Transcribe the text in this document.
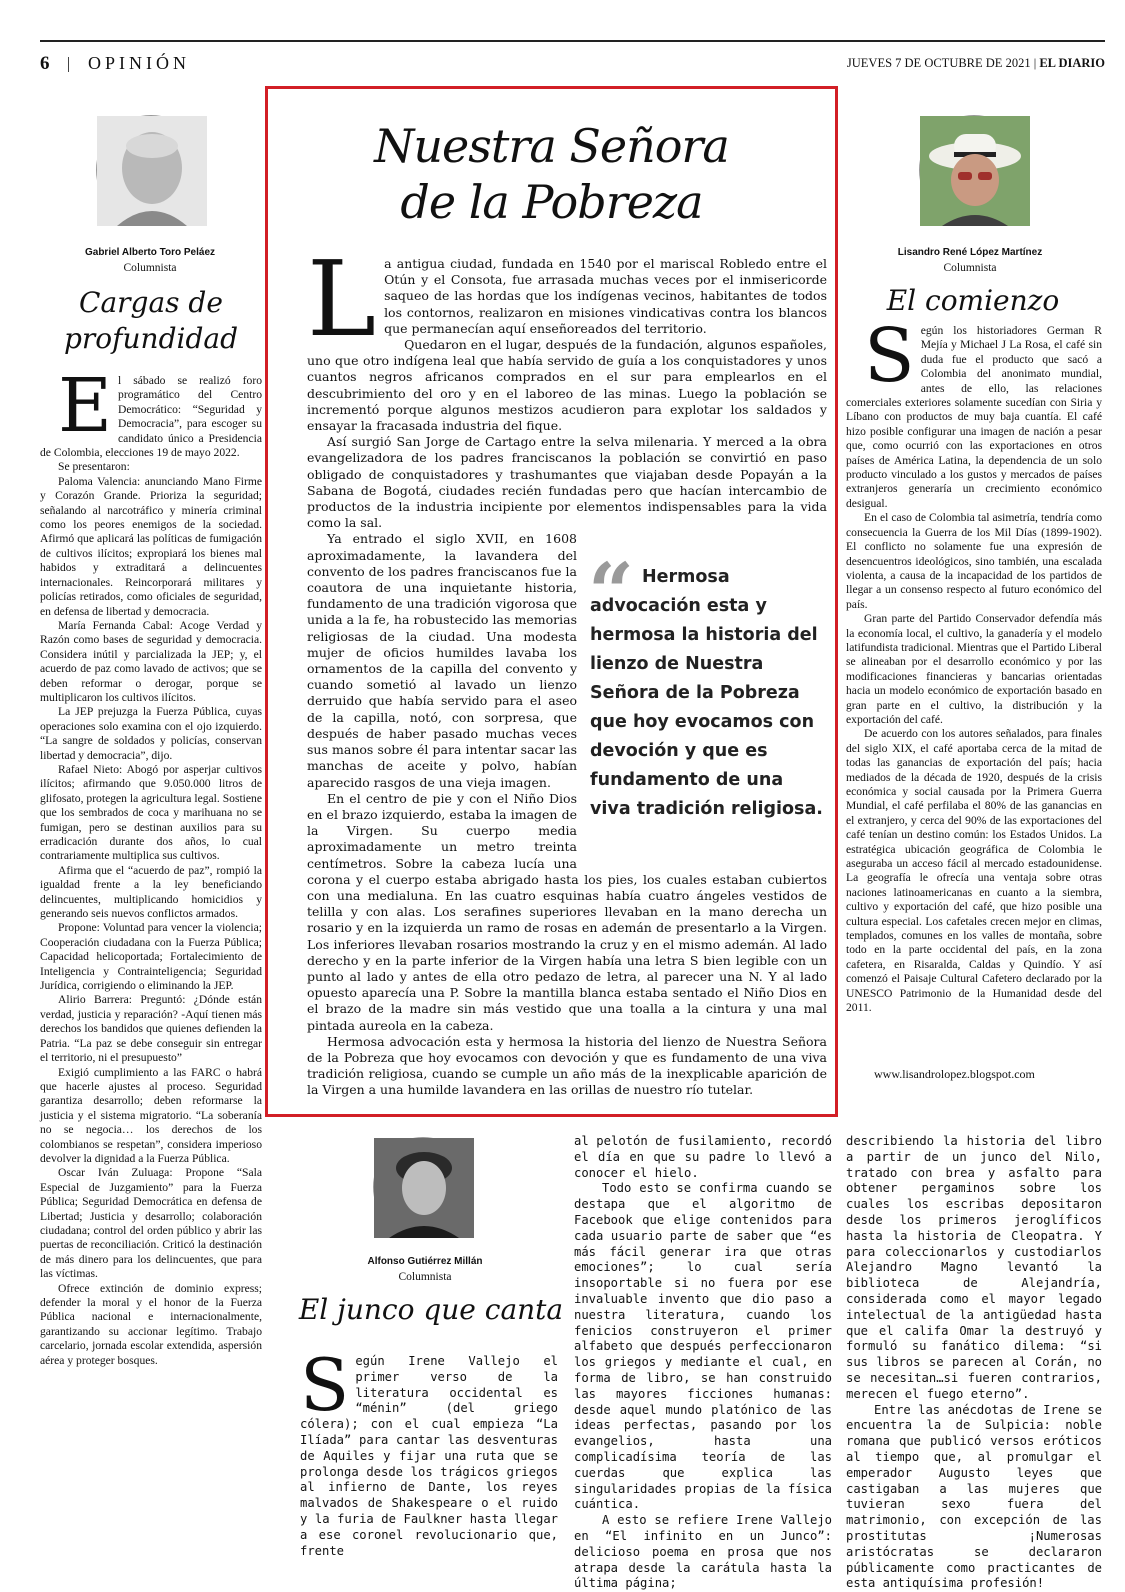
6 OPINIÓN	JUEVES 7 DE OCTUBRE DE 2021 | EL DIARIO
Gabriel Alberto Toro Peláez
Columnista
Cargas de
profundidad
E l sábado se realizó foro programático del Centro Democrático: “Seguridad y Democracia”, para escoger su candidato único a Presidencia de Colombia, elecciones 19 de mayo 2022.

Se presentaron:

Paloma Valencia: anunciando Mano Firme y Corazón Grande. Prioriza la seguridad; señalando al narcotráfico y minería criminal como los peores enemigos de la sociedad. Afirmó que aplicará las políticas de fumigación de cultivos ilícitos; expropiará los bienes mal habidos y extraditará a delincuentes internacionales. Reincorporará militares y policías retirados, como oficiales de seguridad, en defensa de libertad y democracia.

María Fernanda Cabal: Acoge Verdad y Razón como bases de seguridad y democracia. Considera inútil y parcializada la JEP; y, el acuerdo de paz como lavado de activos; que se deben reformar o derogar, porque se multiplicaron los cultivos ilícitos.

La JEP prejuzga la Fuerza Pública, cuyas operaciones solo examina con el ojo izquierdo. “La sangre de soldados y policías, conservan libertad y democracia”, dijo.

Rafael Nieto: Abogó por asperjar cultivos ilícitos; afirmando que 9.050.000 litros de glifosato, protegen la agricultura legal. Sostiene que los sembrados de coca y marihuana no se fumigan, pero se destinan auxilios para su erradicación durante dos años, lo cual contrariamente multiplica sus cultivos.

Afirma que el “acuerdo de paz”, rompió la igualdad frente a la ley beneficiando delincuentes, multiplicando homicidios y generando seis nuevos conflictos armados.

Propone: Voluntad para vencer la violencia; Cooperación ciudadana con la Fuerza Pública; Capacidad helicoportada; Fortalecimiento de Inteligencia y Contrainteligencia; Seguridad Jurídica, corrigiendo o eliminando la JEP.

Alirio Barrera: Preguntó: ¿Dónde están verdad, justicia y reparación? -Aquí tienen más derechos los bandidos que quienes defienden la Patria. “La paz se debe conseguir sin entregar el territorio, ni el presupuesto”

Exigió cumplimiento a las FARC o habrá que hacerle ajustes al proceso. Seguridad garantiza desarrollo; deben reformarse la justicia y el sistema migratorio. “La soberanía no se negocia… los derechos de los colombianos se respetan”, considera imperioso devolver la dignidad a la Fuerza Pública.

Oscar Iván Zuluaga: Propone “Sala Especial de Juzgamiento” para la Fuerza Pública; Seguridad Democrática en defensa de Libertad; Justicia y desarrollo; colaboración ciudadana; control del orden público y abrir las puertas de reconciliación. Criticó la destinación de más dinero para los delincuentes, que para las víctimas.

Ofrece extinción de dominio express; defender la moral y el honor de la Fuerza Pública nacional e internacionalmente, garantizando su accionar legítimo. Trabajo carcelario, jornada escolar extendida, aspersión aérea y proteger bosques.

Nuestra Señora
de la Pobreza
L a antigua ciudad, fundada en 1540 por el mariscal Robledo entre el Otún y el Consota, fue arrasada muchas veces por el inmisericorde saqueo de las hordas que los indígenas vecinos, habitantes de todos los contornos, realizaron en misiones vindicativas contra los blancos que permanecían aquí enseñoreados del territorio.

Quedaron en el lugar, después de la fundación, algunos españoles, uno que otro indígena leal que había servido de guía a los conquistadores y unos cuantos negros africanos comprados en el sur para emplearlos en el descubrimiento del oro y en el laboreo de las minas. Luego la población se incrementó porque algunos mestizos acudieron para explotar los saldados y ensayar la fracasada industria del fique.

Así surgió San Jorge de Cartago entre la selva milenaria. Y merced a la obra evangelizadora de los padres franciscanos la población se convirtió en paso obligado de conquistadores y trashumantes que viajaban desde Popayán a la Sabana de Bogotá, ciudades recién fundadas pero que hacían intercambio de productos de la industria incipiente por elementos indispensables para la vida como la sal.

Ya entrado el siglo XVII, en 1608 aproximadamente, la lavandera del convento de los padres franciscanos fue la coautora de una inquietante historia, fundamento de una tradición vigorosa que unida a la fe, ha robustecido las memorias religiosas de la ciudad. Una modesta mujer de oficios humildes lavaba los ornamentos de la capilla del convento y cuando sometió al lavado un lienzo derruido que había servido para el aseo de la capilla, notó, con sorpresa, que después de haber pasado muchas veces sus manos sobre él para intentar sacar las manchas de aceite y polvo, habían aparecido rasgos de una vieja imagen.

En el centro de pie y con el Niño Dios en el brazo izquierdo, estaba la imagen de la Virgen. Su cuerpo media aproximadamente un metro treinta centímetros. Sobre la cabeza lucía una corona y el cuerpo estaba abrigado hasta los pies, los cuales estaban cubiertos con una medialuna. En las cuatro esquinas había cuatro ángeles vestidos de telilla y con alas. Los serafines superiores llevaban en la mano derecha un rosario y en la izquierda un ramo de rosas en ademán de presentarlo a la Virgen. Los inferiores llevaban rosarios mostrando la cruz y en el mismo ademán. Al lado derecho y en la parte inferior de la Virgen había una letra S bien legible con un punto al lado y antes de ella otro pedazo de letra, al parecer una N. Y al lado opuesto aparecía una P. Sobre la mantilla blanca estaba sentado el Niño Dios en el brazo de la madre sin más vestido que una toalla a la cintura y una mal pintada aureola en la cabeza.

Hermosa advocación esta y hermosa la historia del lienzo de Nuestra Señora de la Pobreza que hoy evocamos con devoción y que es fundamento de una viva tradición religiosa, cuando se cumple un año más de la inexplicable aparición de la Virgen a una humilde lavandera en las orillas de nuestro río tutelar.

“ Hermosa advocación esta y hermosa la historia del lienzo de Nuestra Señora de la Pobreza que hoy evocamos con devoción y que es fundamento de una viva tradición religiosa.
Lisandro René López Martínez
Columnista
El comienzo
S egún los historiadores German R Mejía y Michael J La Rosa, el café sin duda fue el producto que sacó a Colombia del anonimato mundial, antes de ello, las relaciones comerciales exteriores solamente sucedían con Siria y Líbano con productos de muy baja cuantía. El café hizo posible configurar una imagen de nación a pesar que, como ocurrió con las exportaciones en otros países de América Latina, la dependencia de un solo producto vinculado a los gustos y mercados de países extranjeros generaría un crecimiento económico desigual.

En el caso de Colombia tal asimetría, tendría como consecuencia la Guerra de los Mil Días (1899-1902). El conflicto no solamente fue una expresión de desencuentros ideológicos, sino también, una escalada violenta, a causa de la incapacidad de los partidos de llegar a un consenso respecto al futuro económico del país.

Gran parte del Partido Conservador defendía más la economía local, el cultivo, la ganadería y el modelo latifundista tradicional. Mientras que el Partido Liberal se alineaban por el desarrollo económico y por las modificaciones financieras y bancarias orientadas hacia un modelo económico de exportación basado en gran parte en el cultivo, la distribución y la exportación del café.

De acuerdo con los autores señalados, para finales del siglo XIX, el café aportaba cerca de la mitad de todas las ganancias de exportación del país; hacia mediados de la década de 1920, después de la crisis económica y social causada por la Primera Guerra Mundial, el café perfilaba el 80% de las ganancias en el extranjero, y cerca del 90% de las exportaciones del café tenían un destino común: los Estados Unidos. La estratégica ubicación geográfica de Colombia le aseguraba un acceso fácil al mercado estadounidense. La geografía le ofrecía una ventaja sobre otras naciones latinoamericanas en cuanto a la siembra, cultivo y exportación del café, que hizo posible una cultura especial. Los cafetales crecen mejor en climas, templados, comunes en los valles de montaña, sobre todo en la parte occidental del país, en la zona cafetera, en Risaralda, Caldas y Quindío. Y así comenzó el Paisaje Cultural Cafetero declarado por la UNESCO Patrimonio de la Humanidad desde del 2011.

www.lisandrolopez.blogspot.com
Alfonso Gutiérrez Millán
Columnista
El junco que canta
S egún Irene Vallejo el primer verso de la literatura occidental es “ménin” (del griego cólera); con el cual empieza “La Ilíada” para cantar las desventuras de Aquiles y fijar una ruta que se prolonga desde los trágicos griegos al infierno de Dante, los reyes malvados de Shakespeare o el ruido y la furia de Faulkner hasta llegar a ese coronel revolucionario que, frente

al pelotón de fusilamiento, recordó el día en que su padre lo llevó a conocer el hielo.

Todo esto se confirma cuando se destapa que el algoritmo de Facebook que elige contenidos para cada usuario parte de saber que “es más fácil generar ira que otras emociones”; lo cual sería insoportable si no fuera por ese invaluable invento que dio paso a nuestra literatura, cuando los fenicios construyeron el primer alfabeto que después perfeccionaron los griegos y mediante el cual, en forma de libro, se han construido las mayores ficciones humanas: desde aquel mundo platónico de las ideas perfectas, pasando por los evangelios, hasta una complicadísima teoría de las cuerdas que explica las singularidades propias de la física cuántica.

A esto se refiere Irene Vallejo en “El infinito en un Junco”: delicioso poema en prosa que nos atrapa desde la carátula hasta la última página;

describiendo la historia del libro a partir de un junco del Nilo, tratado con brea y asfalto para obtener pergaminos sobre los cuales los escribas depositaron desde los primeros jeroglíficos hasta la historia de Cleopatra. Y para coleccionarlos y custodiarlos Alejandro Magno levantó la biblioteca de Alejandría, considerada como el mayor legado intelectual de la antigüedad hasta que el califa Omar la destruyó y formuló su fanático dilema: “si sus libros se parecen al Corán, no se necesitan…si fueren contrarios, merecen el fuego eterno”.

Entre las anécdotas de Irene se encuentra la de Sulpicia: noble romana que publicó versos eróticos al tiempo que, al promulgar el emperador Augusto leyes que castigaban a las mujeres que tuvieran sexo fuera del matrimonio, con excepción de las prostitutas ¡Numerosas aristócratas se declararon públicamente como practicantes de esta antiquísima profesión!
